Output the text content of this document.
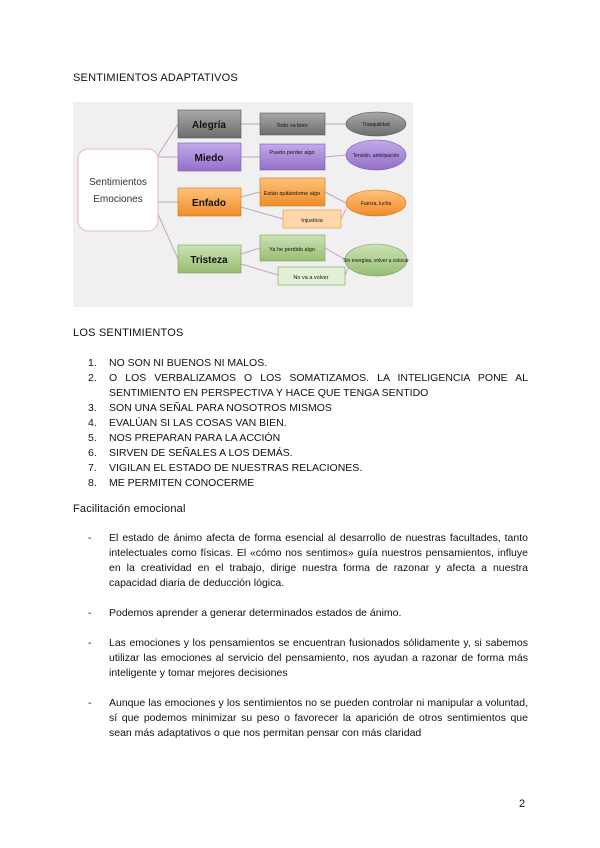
SENTIMIENTOS ADAPTATIVOS
Sentimientos
Emociones
Alegría
Miedo
Enfado
Tristeza
Todo va bien
Puedo perder algo
Están quitándome algo
Injusticia
Ya he perdido algo
No va a volver
Tranquilidad
Tensión, anticipación
Fuerza, lucha
Sin energías, volver a colocar
LOS SENTIMIENTOS
1. NO SON NI BUENOS NI MALOS.
2. O LOS VERBALIZAMOS O LOS SOMATIZAMOS. LA INTELIGENCIA PONE AL SENTIMIENTO EN PERSPECTIVA Y HACE QUE TENGA SENTIDO
3. SON UNA SEÑAL PARA NOSOTROS MISMOS
4. EVALÚAN SI LAS COSAS VAN BIEN.
5. NOS PREPARAN PARA LA ACCIÓN
6. SIRVEN DE SEÑALES A LOS DEMÁS.
7. VIGILAN EL ESTADO DE NUESTRAS RELACIONES.
8. ME PERMITEN CONOCERME
Facilitación emocional
- El estado de ánimo afecta de forma esencial al desarrollo de nuestras facultades, tanto intelectuales como físicas. El «cómo nos sentimos» guía nuestros pensamientos, influye en la creatividad en el trabajo, dirige nuestra forma de razonar y afecta a nuestra capacidad diaria de deducción lógica.
- Podemos aprender a generar determinados estados de ánimo.
- Las emociones y los pensamientos se encuentran fusionados sólidamente y, si sabemos utilizar las emociones al servicio del pensamiento, nos ayudan a razonar de forma más inteligente y tomar mejores decisiones
- Aunque las emociones y los sentimientos no se pueden controlar ni manipular a voluntad, sí que podemos minimizar su peso o favorecer la aparición de otros sentimientos que sean más adaptativos o que nos permitan pensar con más claridad
2
